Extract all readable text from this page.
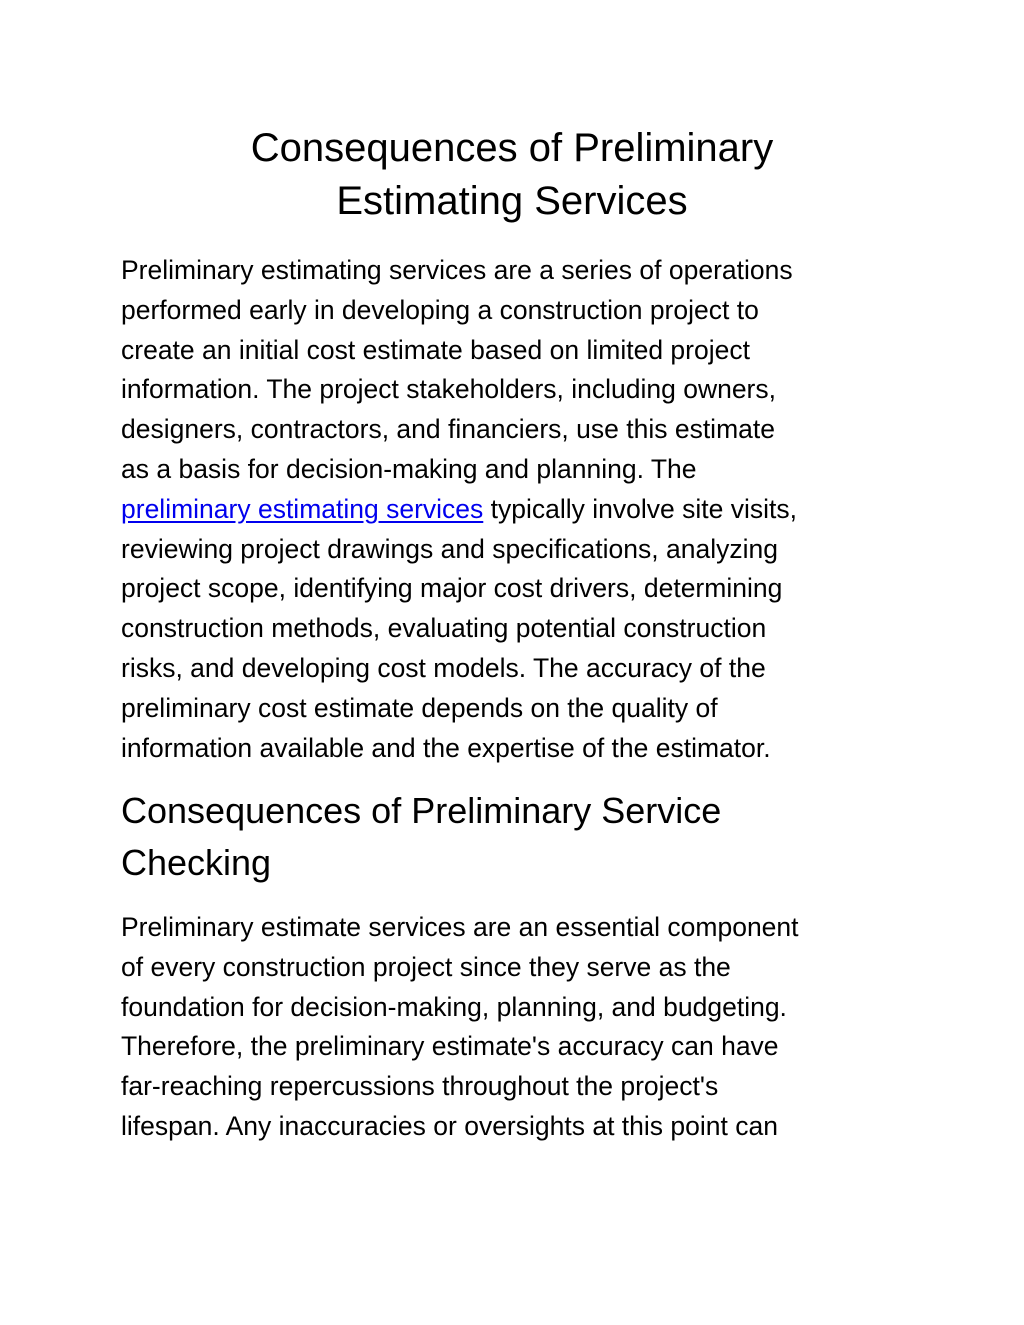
Consequences of Preliminary
Estimating Services

Preliminary estimating services are a series of operations
performed early in developing a construction project to
create an initial cost estimate based on limited project
information. The project stakeholders, including owners,
designers, contractors, and financiers, use this estimate
as a basis for decision-making and planning. The
preliminary estimating services typically involve site visits,
reviewing project drawings and specifications, analyzing
project scope, identifying major cost drivers, determining
construction methods, evaluating potential construction
risks, and developing cost models. The accuracy of the
preliminary cost estimate depends on the quality of
information available and the expertise of the estimator.

Consequences of Preliminary Service
Checking

Preliminary estimate services are an essential component
of every construction project since they serve as the
foundation for decision-making, planning, and budgeting.
Therefore, the preliminary estimate's accuracy can have
far-reaching repercussions throughout the project's
lifespan. Any inaccuracies or oversights at this point can
